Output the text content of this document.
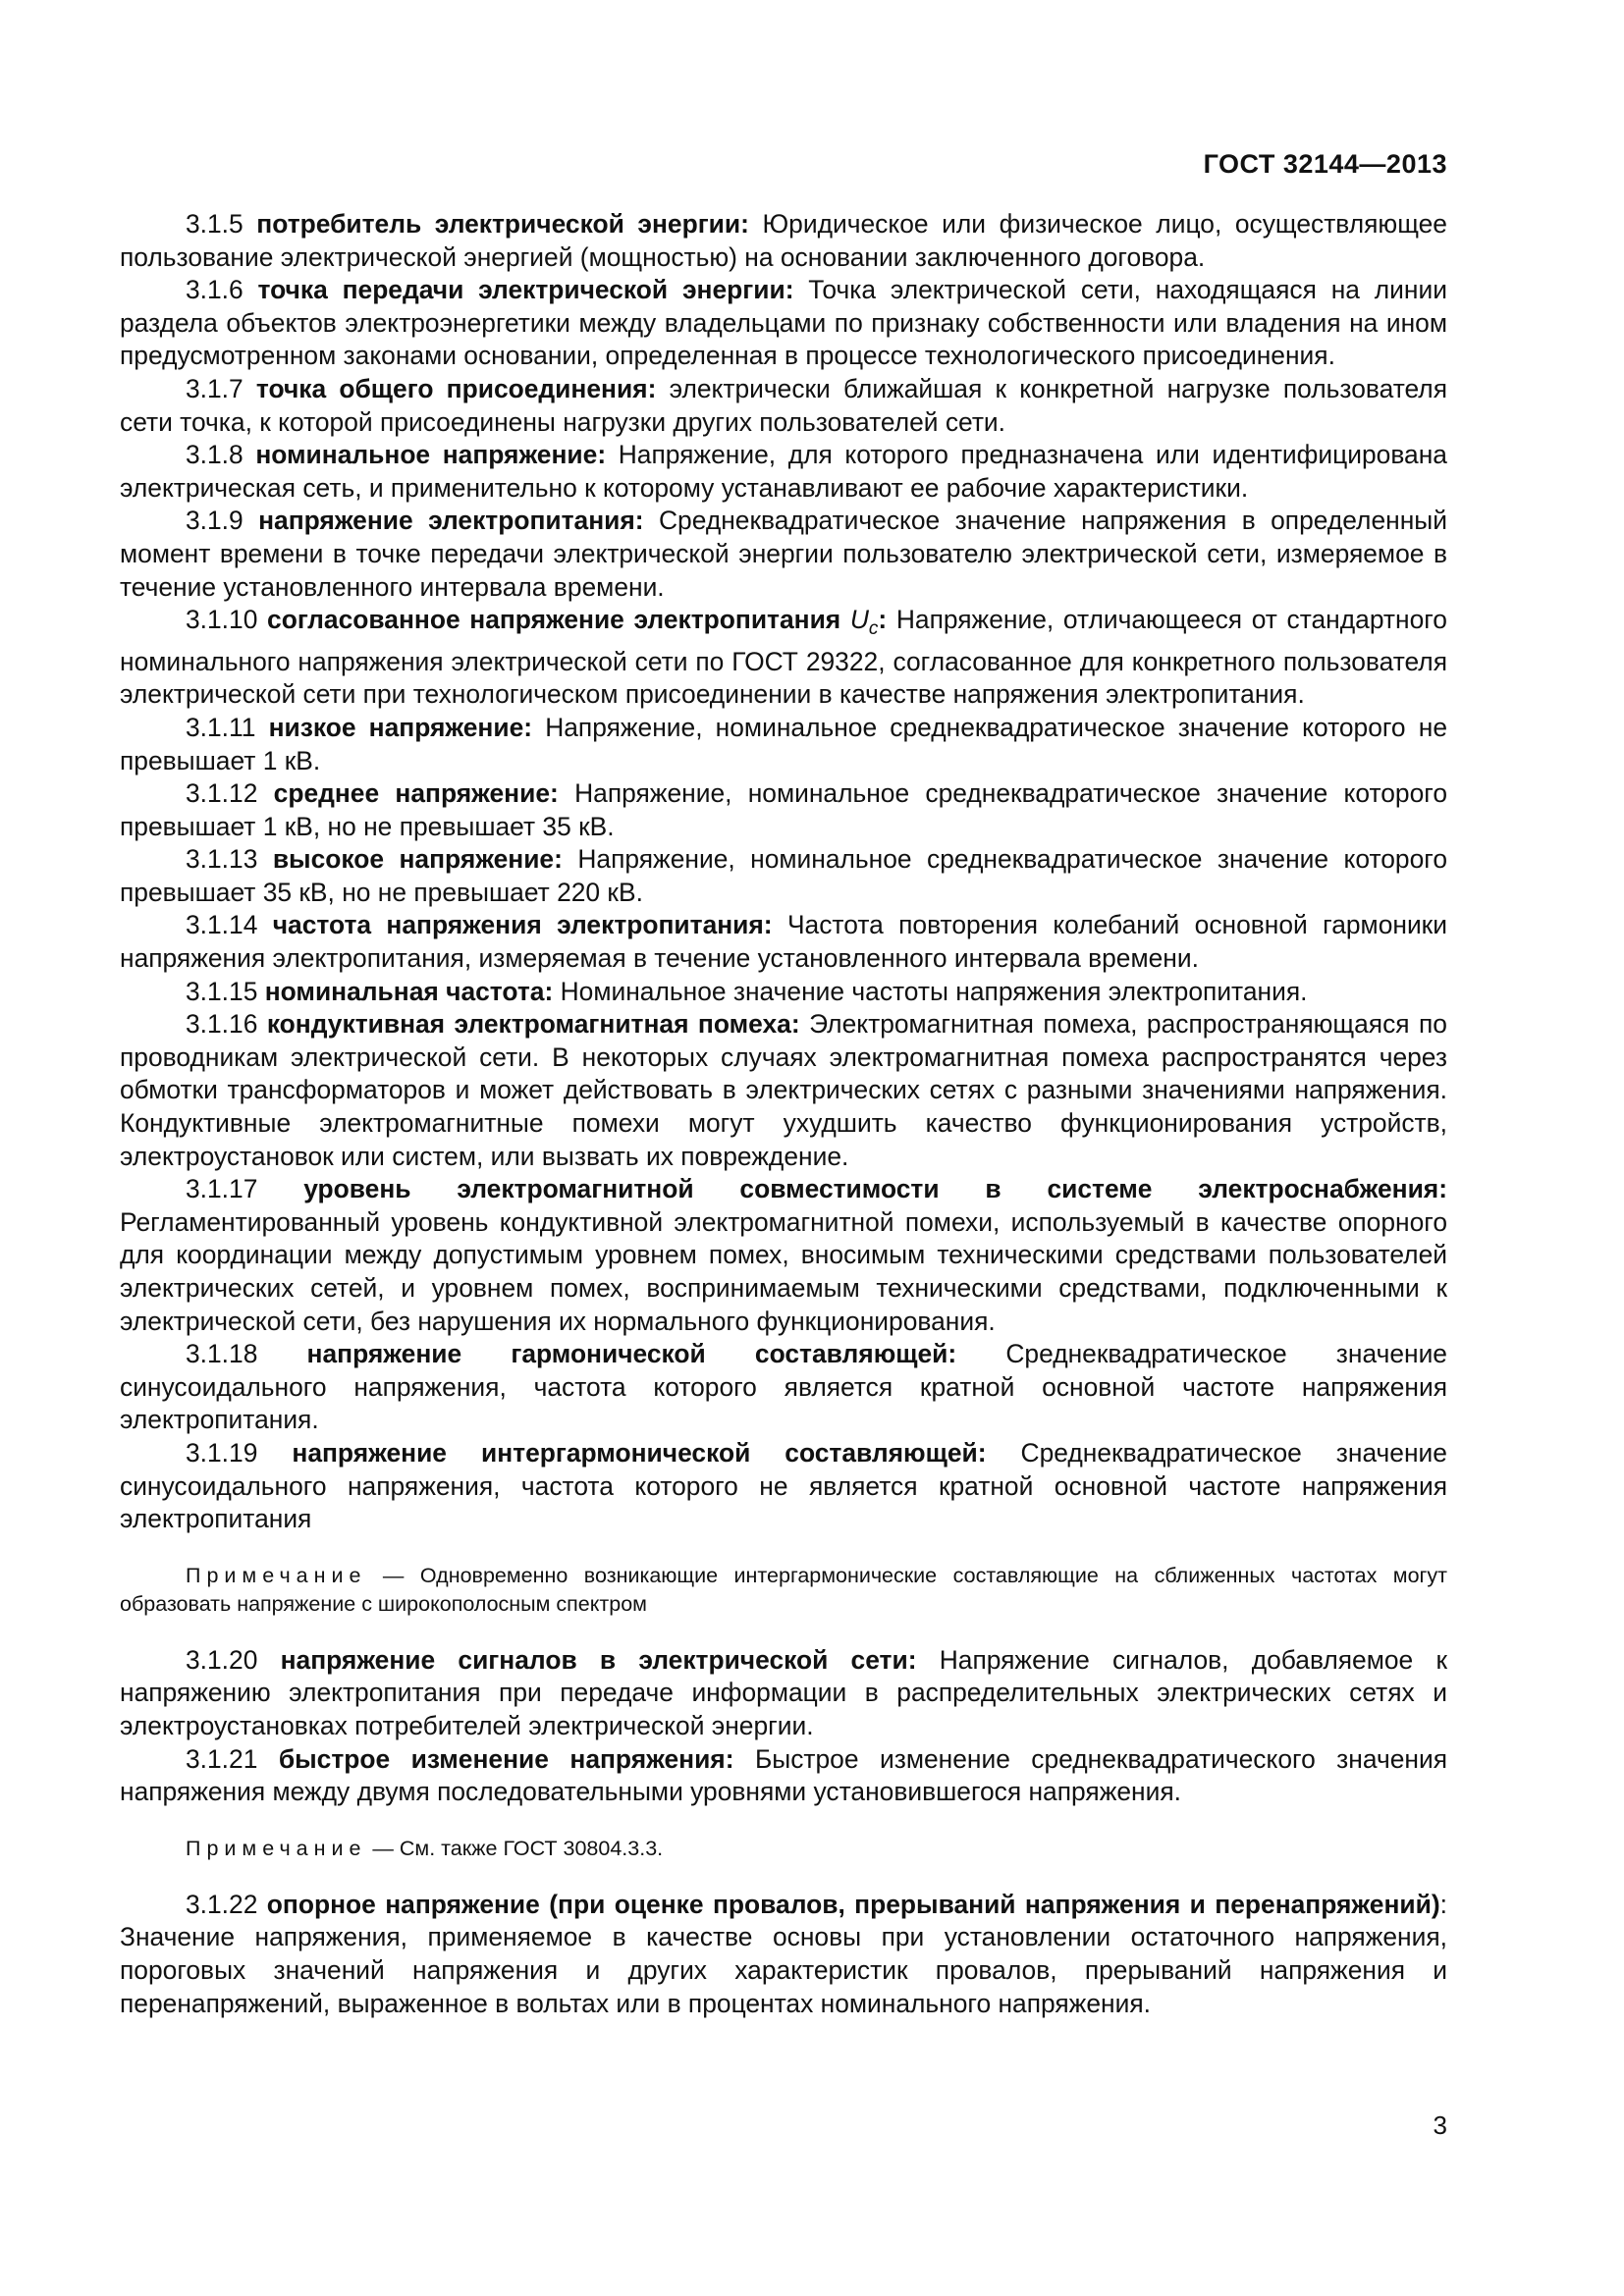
ГОСТ 32144—2013

3.1.5 потребитель электрической энергии: Юридическое или физическое лицо, осуществляющее пользование электрической энергией (мощностью) на основании заключенного договора.

3.1.6 точка передачи электрической энергии: Точка электрической сети, находящаяся на линии раздела объектов электроэнергетики между владельцами по признаку собственности или владения на ином предусмотренном законами основании, определенная в процессе технологического присоединения.

3.1.7 точка общего присоединения: электрически ближайшая к конкретной нагрузке пользователя сети точка, к которой присоединены нагрузки других пользователей сети.

3.1.8 номинальное напряжение: Напряжение, для которого предназначена или идентифицирована электрическая сеть, и применительно к которому устанавливают ее рабочие характеристики.

3.1.9 напряжение электропитания: Среднеквадратическое значение напряжения в определенный момент времени в точке передачи электрической энергии пользователю электрической сети, измеряемое в течение установленного интервала времени.

3.1.10 согласованное напряжение электропитания $U_c$: Напряжение, отличающееся от стандартного номинального напряжения электрической сети по ГОСТ 29322, согласованное для конкретного пользователя электрической сети при технологическом присоединении в качестве напряжения электропитания.

3.1.11 низкое напряжение: Напряжение, номинальное среднеквадратическое значение которого не превышает 1 кВ.

3.1.12 среднее напряжение: Напряжение, номинальное среднеквадратическое значение которого превышает 1 кВ, но не превышает 35 кВ.

3.1.13 высокое напряжение: Напряжение, номинальное среднеквадратическое значение которого превышает 35 кВ, но не превышает 220 кВ.

3.1.14 частота напряжения электропитания: Частота повторения колебаний основной гармоники напряжения электропитания, измеряемая в течение установленного интервала времени.

3.1.15 номинальная частота: Номинальное значение частоты напряжения электропитания.

3.1.16 кондуктивная электромагнитная помеха: Электромагнитная помеха, распространяющаяся по проводникам электрической сети. В некоторых случаях электромагнитная помеха распространятся через обмотки трансформаторов и может действовать в электрических сетях с разными значениями напряжения. Кондуктивные электромагнитные помехи могут ухудшить качество функционирования устройств, электроустановок или систем, или вызвать их повреждение.

3.1.17 уровень электромагнитной совместимости в системе электроснабжения: Регламентированный уровень кондуктивной электромагнитной помехи, используемый в качестве опорного для координации между допустимым уровнем помех, вносимым техническими средствами пользователей электрических сетей, и уровнем помех, воспринимаемым техническими средствами, подключенными к электрической сети, без нарушения их нормального функционирования.

3.1.18 напряжение гармонической составляющей: Среднеквадратическое значение синусоидального напряжения, частота которого является кратной основной частоте напряжения электропитания.

3.1.19 напряжение интергармонической составляющей: Среднеквадратическое значение синусоидального напряжения, частота которого не является кратной основной частоте напряжения электропитания

Примечание — Одновременно возникающие интергармонические составляющие на сближенных частотах могут образовать напряжение с широкополосным спектром

3.1.20 напряжение сигналов в электрической сети: Напряжение сигналов, добавляемое к напряжению электропитания при передаче информации в распределительных электрических сетях и электроустановках потребителей электрической энергии.

3.1.21 быстрое изменение напряжения: Быстрое изменение среднеквадратического значения напряжения между двумя последовательными уровнями установившегося напряжения.

Примечание — См. также ГОСТ 30804.3.3.

3.1.22 опорное напряжение (при оценке провалов, прерываний напряжения и перенапряжений): Значение напряжения, применяемое в качестве основы при установлении остаточного напряжения, пороговых значений напряжения и других характеристик провалов, прерываний напряжения и перенапряжений, выраженное в вольтах или в процентах номинального напряжения.

3
